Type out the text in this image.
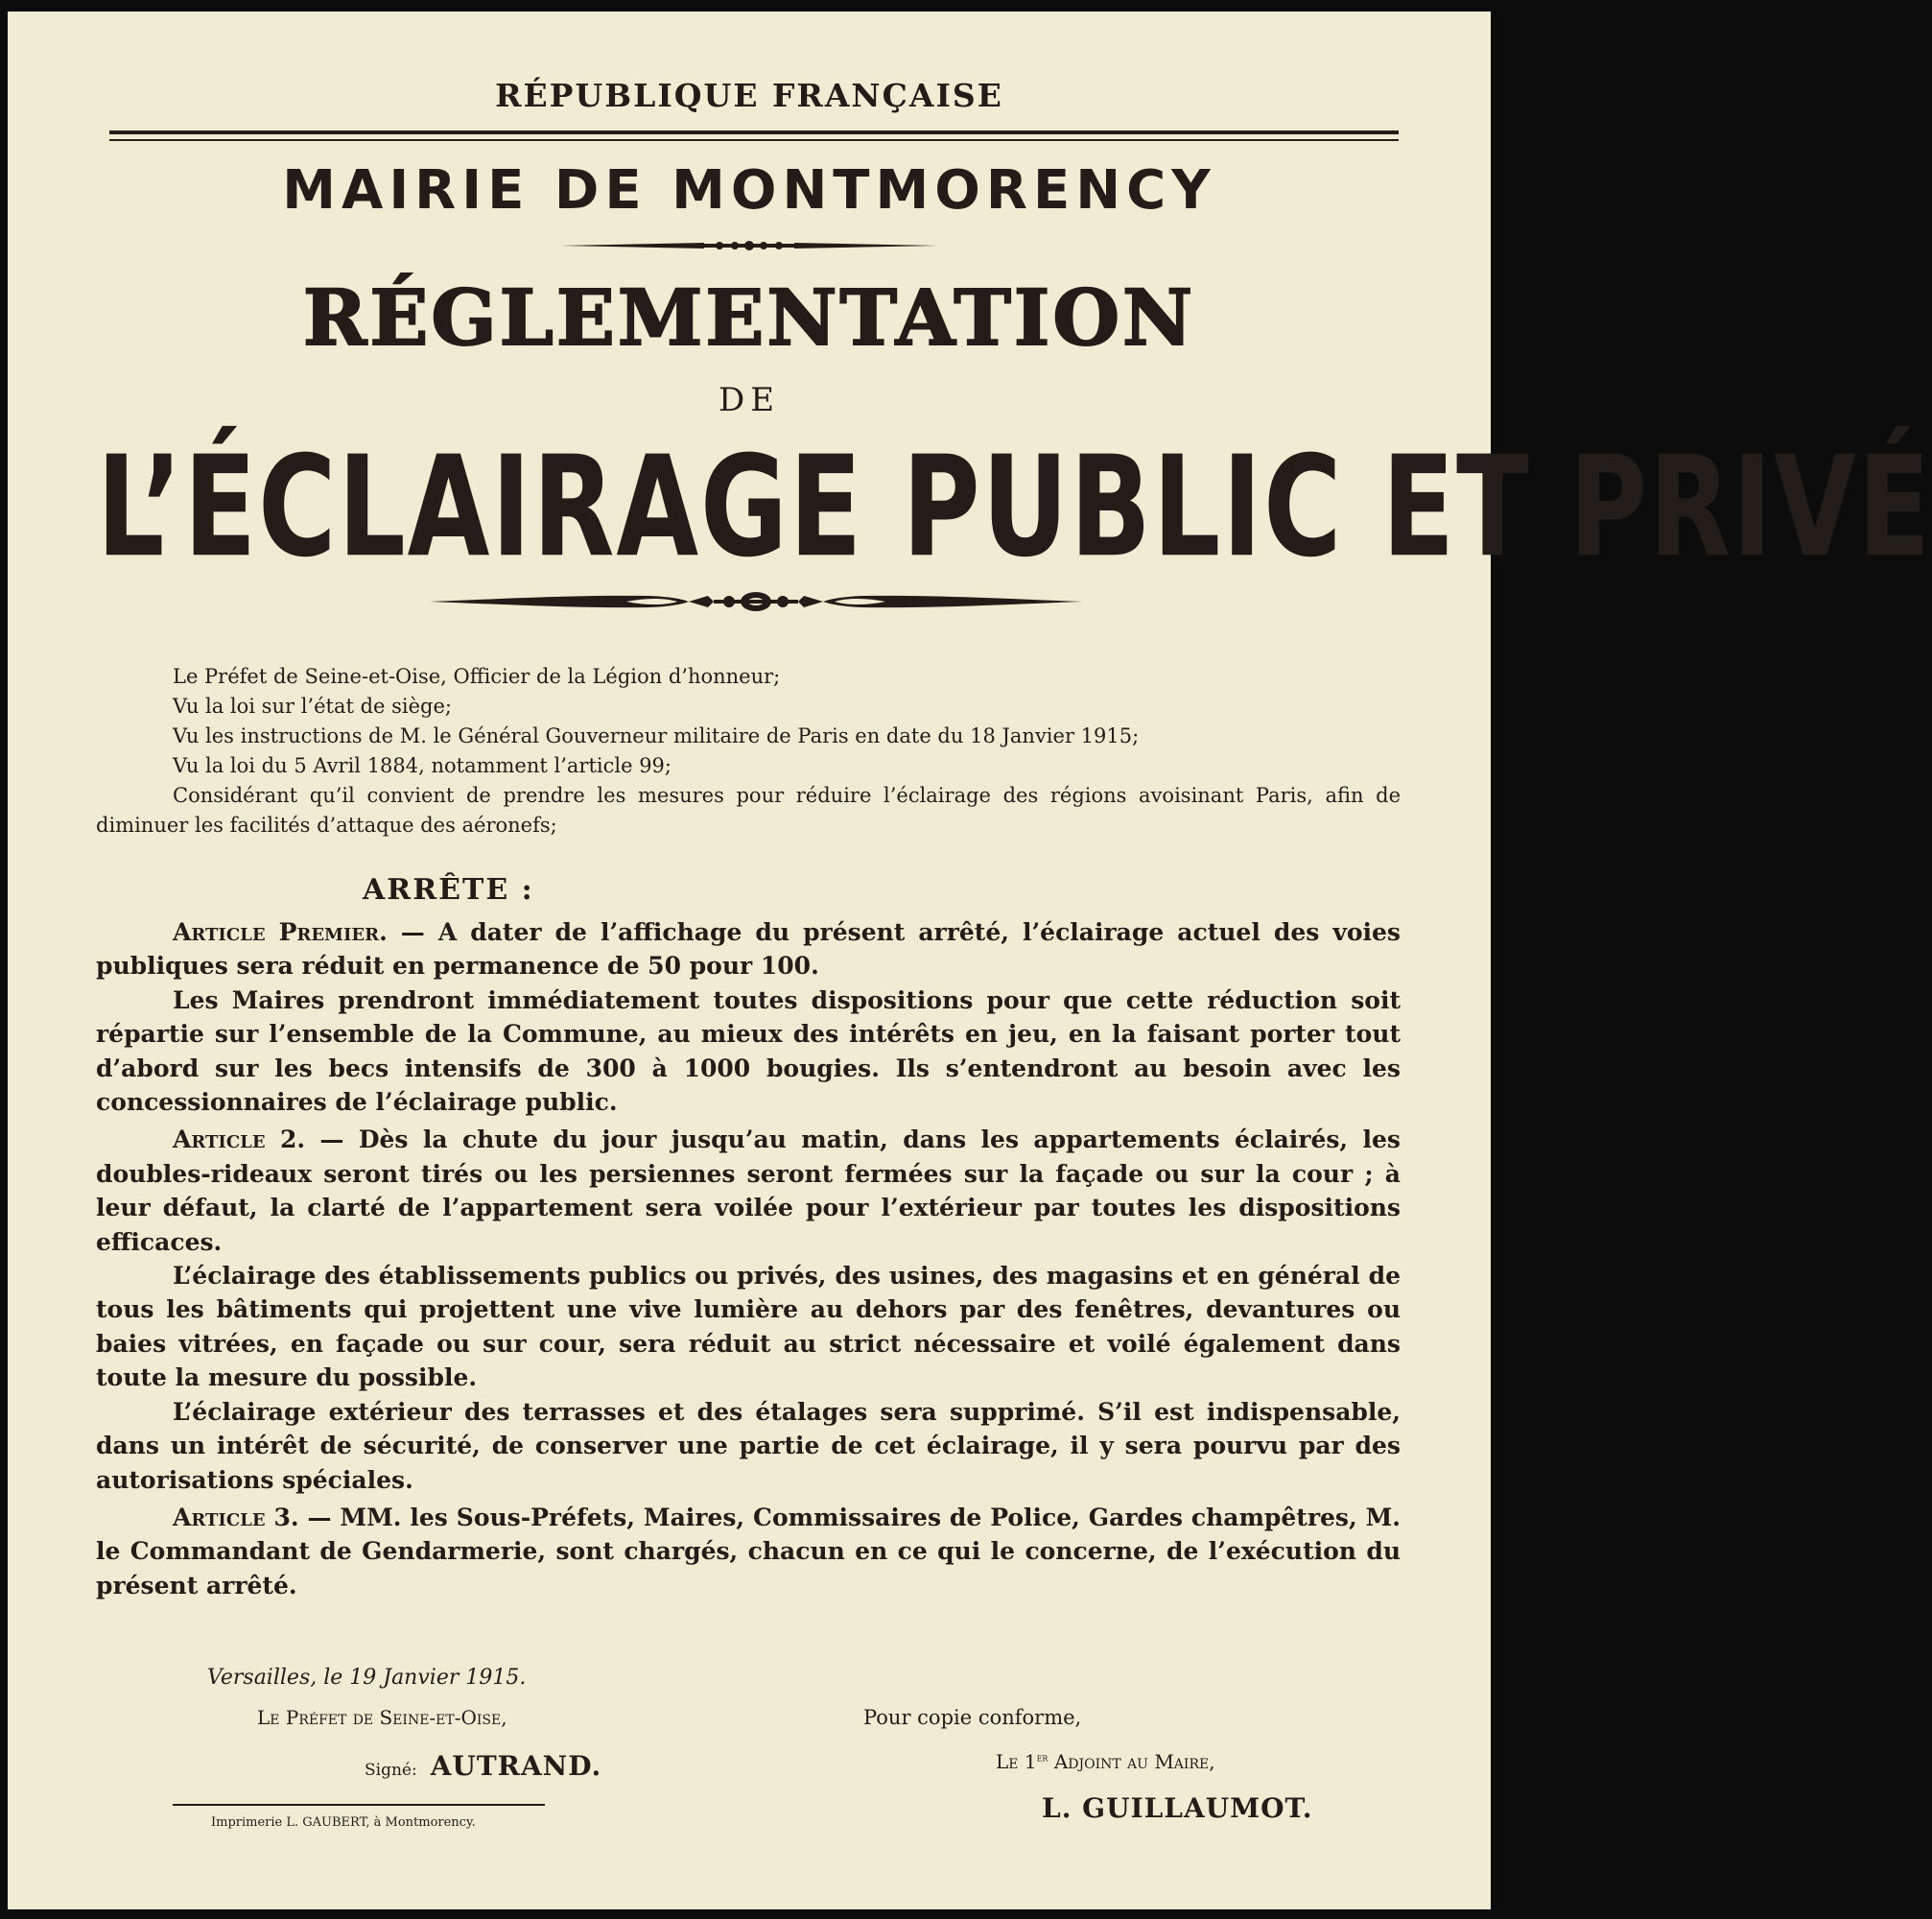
RÉPUBLIQUE FRANÇAISE
MAIRIE DE MONTMORENCY
RÉGLEMENTATION
DE
L’ÉCLAIRAGE PUBLIC ET PRIVÉ

Le Préfet de Seine-et-Oise, Officier de la Légion d’honneur;

Vu la loi sur l’état de siège;

Vu les instructions de M. le Général Gouverneur militaire de Paris en date du 18 Janvier 1915;

Vu la loi du 5 Avril 1884, notamment l’article 99;

Considérant qu’il convient de prendre les mesures pour réduire l’éclairage des régions avoisinant Paris, afin de diminuer les facilités d’attaque des aéronefs;

ARRÊTE :

Article Premier. — A dater de l’affichage du présent arrêté, l’éclairage actuel des voies publiques sera réduit en permanence de 50 pour 100.

Les Maires prendront immédiatement toutes dispositions pour que cette réduction soit répartie sur l’ensemble de la Commune, au mieux des intérêts en jeu, en la faisant porter tout d’abord sur les becs intensifs de 300 à 1000 bougies. Ils s’entendront au besoin avec les concessionnaires de l’éclairage public.

Article 2. — Dès la chute du jour jusqu’au matin, dans les appartements éclairés, les doubles-rideaux seront tirés ou les persiennes seront fermées sur la façade ou sur la cour ; à leur défaut, la clarté de l’appartement sera voilée pour l’extérieur par toutes les dispositions efficaces.

L’éclairage des établissements publics ou privés, des usines, des magasins et en général de tous les bâtiments qui projettent une vive lumière au dehors par des fenêtres, devantures ou baies vitrées, en façade ou sur cour, sera réduit au strict nécessaire et voilé également dans toute la mesure du possible.

L’éclairage extérieur des terrasses et des étalages sera supprimé. S’il est indispensable, dans un intérêt de sécurité, de conserver une partie de cet éclairage, il y sera pourvu par des autorisations spéciales.

Article 3. — MM. les Sous-Préfets, Maires, Commissaires de Police, Gardes champêtres, M. le Commandant de Gendarmerie, sont chargés, chacun en ce qui le concerne, de l’exécution du présent arrêté.

Versailles, le 19 Janvier 1915.
Le Préfet de Seine-et-Oise,
Signé: AUTRAND.
Pour copie conforme,
Le 1er Adjoint au Maire,
L. GUILLAUMOT.
Imprimerie L. GAUBERT, à Montmorency.
